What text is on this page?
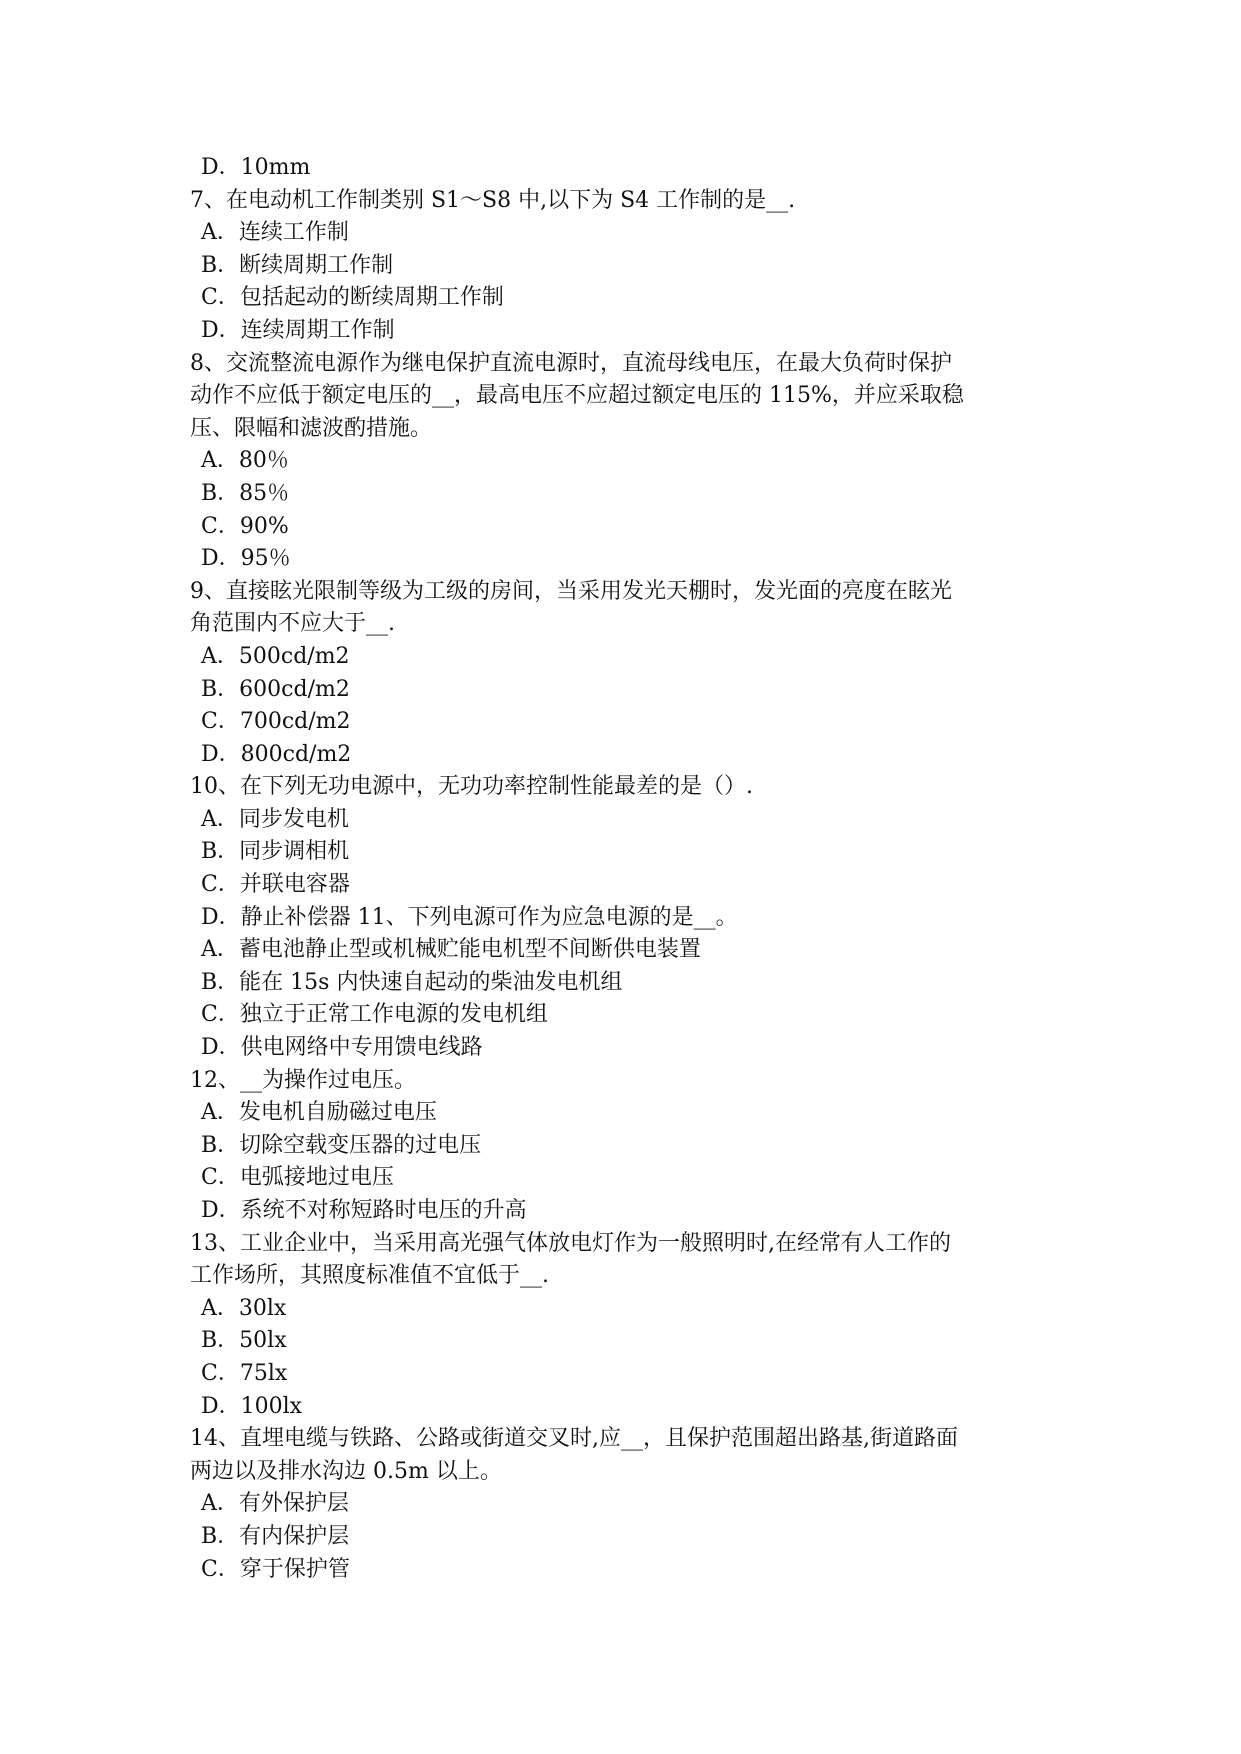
D．10mm
7、在电动机工作制类别 S1～S8 中,以下为 S4 工作制的是__.
A．连续工作制
B．断续周期工作制
C．包括起动的断续周期工作制
D．连续周期工作制
8、交流整流电源作为继电保护直流电源时，直流母线电压，在最大负荷时保护
动作不应低于额定电压的__，最高电压不应超过额定电压的 115%，并应采取稳
压、限幅和滤波酌措施。
A．80％
B．85％
C．90%
D．95％
9、直接眩光限制等级为工级的房间，当采用发光天棚时，发光面的亮度在眩光
角范围内不应大于__.
A．500cd/m2
B．600cd/m2
C．700cd/m2
D．800cd/m2
10、在下列无功电源中，无功功率控制性能最差的是（）.
A．同步发电机
B．同步调相机
C．并联电容器
D．静止补偿器 11、下列电源可作为应急电源的是__。
A．蓄电池静止型或机械贮能电机型不间断供电装置
B．能在 15s 内快速自起动的柴油发电机组
C．独立于正常工作电源的发电机组
D．供电网络中专用馈电线路
12、__为操作过电压。
A．发电机自励磁过电压
B．切除空载变压器的过电压
C．电弧接地过电压
D．系统不对称短路时电压的升高
13、工业企业中，当采用高光强气体放电灯作为一般照明时,在经常有人工作的
工作场所，其照度标准值不宜低于__.
A．30lx
B．50lx
C．75lx
D．100lx
14、直埋电缆与铁路、公路或街道交叉时,应__，且保护范围超出路基,街道路面
两边以及排水沟边 0.5m 以上。
A．有外保护层
B．有内保护层
C．穿于保护管
